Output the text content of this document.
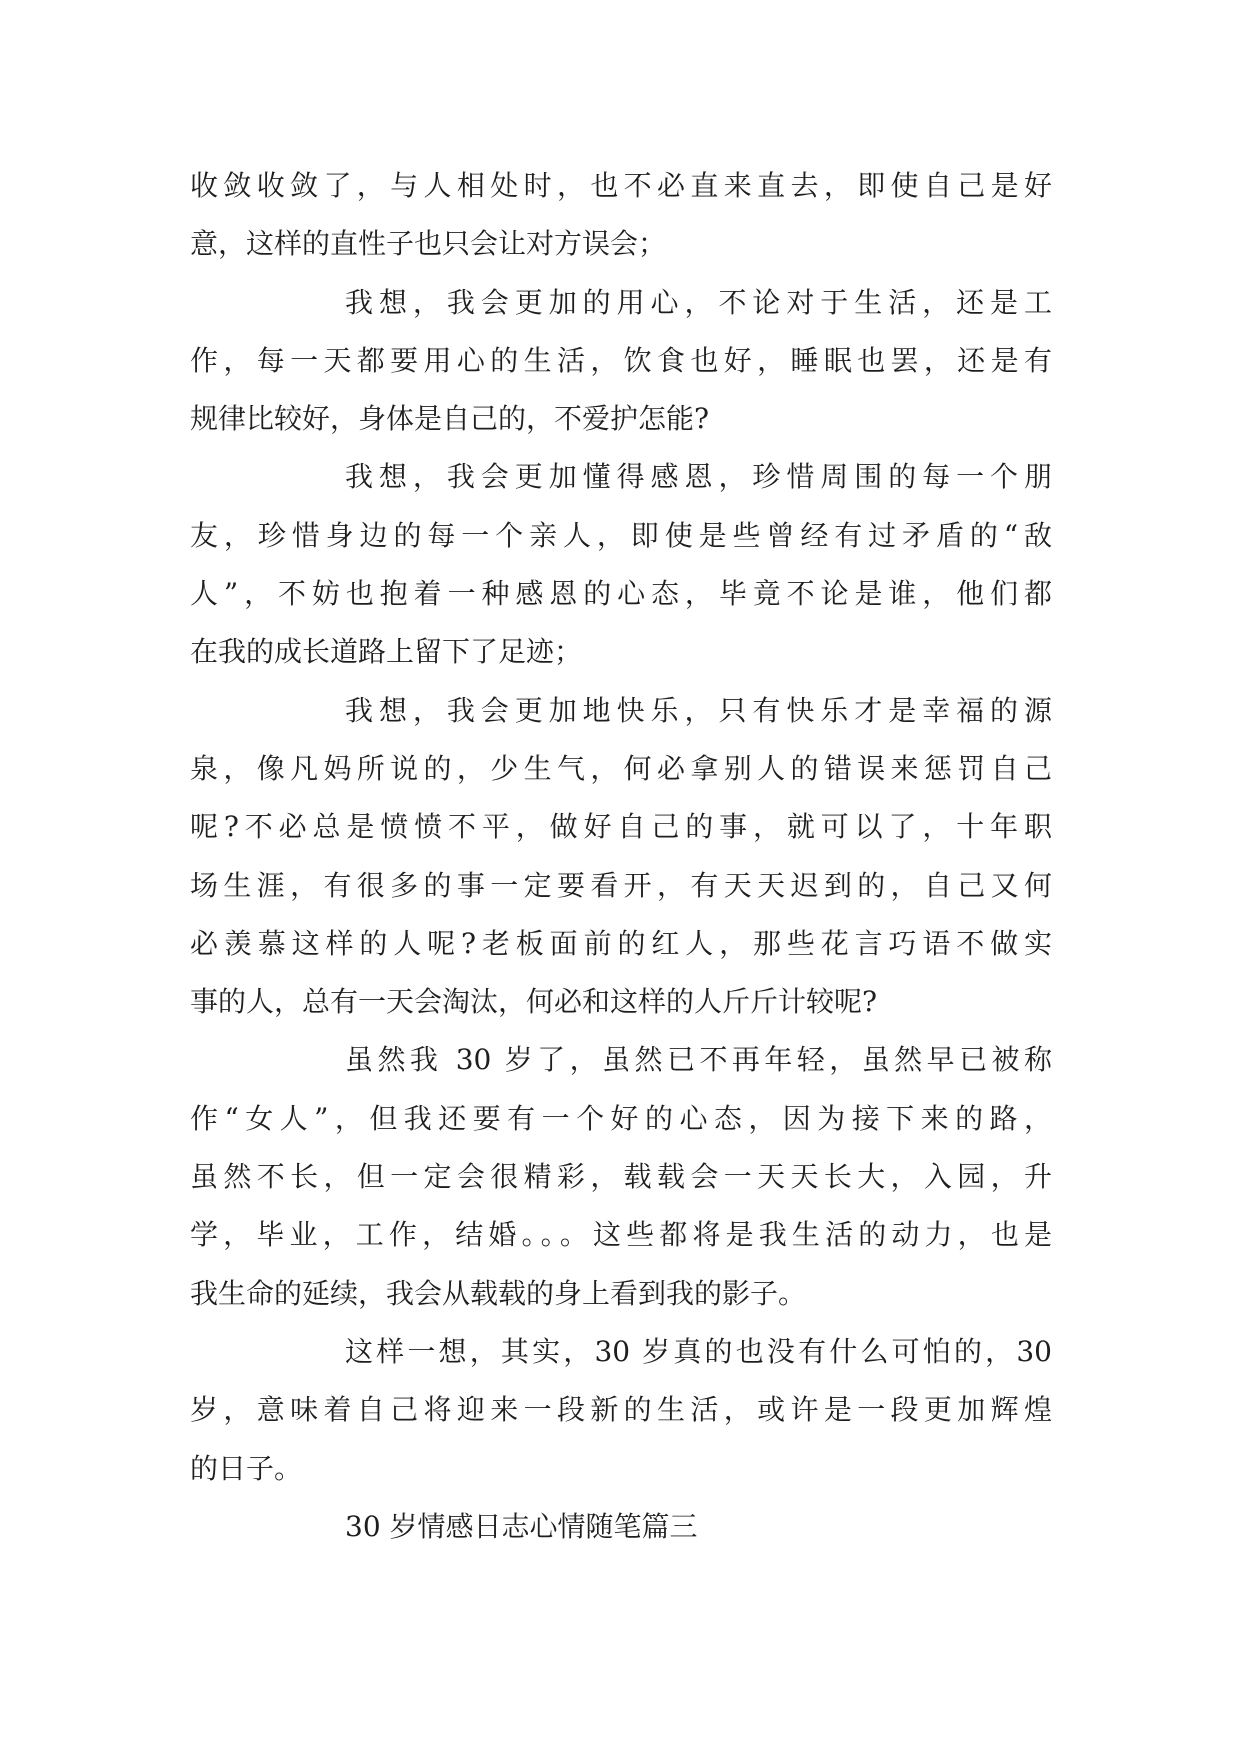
收敛收敛了，与人相处时，也不必直来直去，即使自己是好
意，这样的直性子也只会让对方误会；
我想，我会更加的用心，不论对于生活，还是工
作，每一天都要用心的生活，饮食也好，睡眠也罢，还是有
规律比较好，身体是自己的，不爱护怎能?
我想，我会更加懂得感恩，珍惜周围的每一个朋
友，珍惜身边的每一个亲人，即使是些曾经有过矛盾的“敌
人”，不妨也抱着一种感恩的心态，毕竟不论是谁，他们都
在我的成长道路上留下了足迹；
我想，我会更加地快乐，只有快乐才是幸福的源
泉，像凡妈所说的，少生气，何必拿别人的错误来惩罚自己
呢?不必总是愤愤不平，做好自己的事，就可以了，十年职
场生涯，有很多的事一定要看开，有天天迟到的，自己又何
必羡慕这样的人呢?老板面前的红人，那些花言巧语不做实
事的人，总有一天会淘汰，何必和这样的人斤斤计较呢?
虽然我 30 岁了，虽然已不再年轻，虽然早已被称
作“女人”，但我还要有一个好的心态，因为接下来的路，
虽然不长，但一定会很精彩，载载会一天天长大，入园，升
学，毕业，工作，结婚。。。这些都将是我生活的动力，也是
我生命的延续，我会从载载的身上看到我的影子。
这样一想，其实，30 岁真的也没有什么可怕的，30
岁，意味着自己将迎来一段新的生活，或许是一段更加辉煌
的日子。
30 岁情感日志心情随笔篇三
